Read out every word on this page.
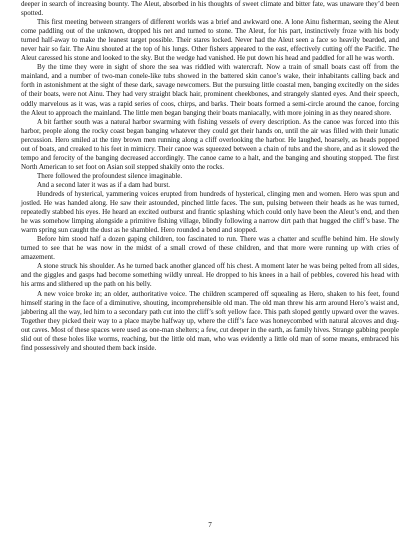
deeper in search of increasing bounty. The Aleut, absorbed in his thoughts of sweet climate and bitter fate, was unaware they’d been spotted.

This first meeting between strangers of different worlds was a brief and awkward one. A lone Ainu fisherman, seeing the Aleut come paddling out of the unknown, dropped his net and turned to stone. The Aleut, for his part, instinctively froze with his body turned half-away to make the leanest target possible. Their stares locked. Never had the Aleut seen a face so heavily bearded, and never hair so fair. The Ainu shouted at the top of his lungs. Other fishers appeared to the east, effectively cutting off the Pacific. The Aleut caressed his stone and looked to the sky. But the wedge had vanished. He put down his head and paddled for all he was worth.

By the time they were in sight of shore the sea was riddled with watercraft. Now a train of small boats cast off from the mainland, and a number of two-man conele-like tubs showed in the battered skin canoe’s wake, their inhabitants calling back and forth in astonishment at the sight of these dark, savage newcomers. But the pursuing little coastal men, banging excitedly on the sides of their boats, were not Ainu. They had very straight black hair, prominent cheekbones, and strangely slanted eyes. And their speech, oddly marvelous as it was, was a rapid series of coos, chirps, and barks. Their boats formed a semi-circle around the canoe, forcing the Aleut to approach the mainland. The little men began banging their boats maniacally, with more joining in as they neared shore.

A bit farther south was a natural harbor swarming with fishing vessels of every description. As the canoe was forced into this harbor, people along the rocky coast began banging whatever they could get their hands on, until the air was filled with their lunatic percussion. Hero smiled at the tiny brown men running along a cliff overlooking the harbor. He laughed, hoarsely, as heads popped out of boats, and creaked to his feet in mimicry. Their canoe was squeezed between a chain of tubs and the shore, and as it slowed the tempo and ferocity of the banging decreased accordingly. The canoe came to a halt, and the banging and shouting stopped. The first North American to set foot on Asian soil stepped shakily onto the rocks.

There followed the profoundest silence imaginable.

And a second later it was as if a dam had burst.

Hundreds of hysterical, yammering voices erupted from hundreds of hysterical, clinging men and women. Hero was spun and jostled. He was handed along. He saw their astounded, pinched little faces. The sun, pulsing between their heads as he was turned, repeatedly stabbed his eyes. He heard an excited outburst and frantic splashing which could only have been the Aleut’s end, and then he was somehow limping alongside a primitive fishing village, blindly following a narrow dirt path that hugged the cliff’s base. The warm spring sun caught the dust as he shambled. Hero rounded a bend and stopped.

Before him stood half a dozen gaping children, too fascinated to run. There was a chatter and scuffle behind him. He slowly turned to see that he was now in the midst of a small crowd of these children, and that more were running up with cries of amazement.

A stone struck his shoulder. As he turned back another glanced off his chest. A moment later he was being pelted from all sides, and the giggles and gasps had become something wildly unreal. He dropped to his knees in a hail of pebbles, covered his head with his arms and slithered up the path on his belly.

A new voice broke in; an older, authoritative voice. The children scampered off squealing as Hero, shaken to his feet, found himself staring in the face of a diminutive, shouting, incomprehensible old man. The old man threw his arm around Hero’s waist and, jabbering all the way, led him to a secondary path cut into the cliff’s soft yellow face. This path sloped gently upward over the waves. Together they picked their way to a place maybe halfway up, where the cliff’s face was honeycombed with natural alcoves and dug-out caves. Most of these spaces were used as one-man shelters; a few, cut deeper in the earth, as family hives. Strange gabbing people slid out of these holes like worms, reaching, but the little old man, who was evidently a little old man of some means, embraced his find possessively and shouted them back inside.

7
